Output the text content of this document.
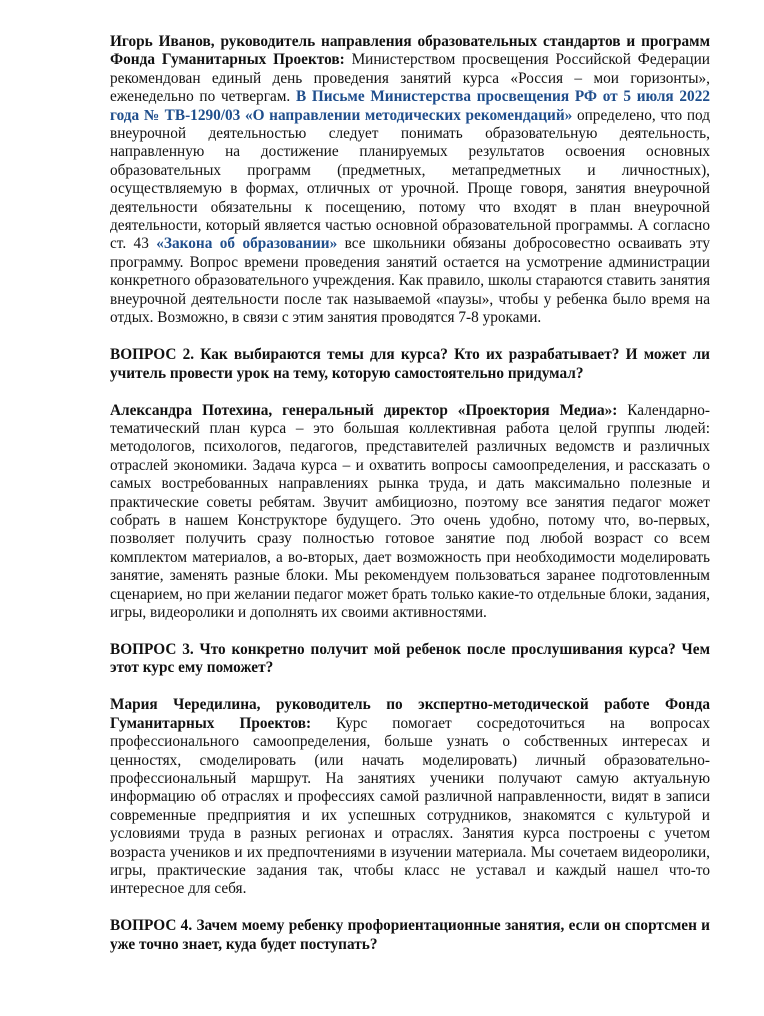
Игорь Иванов, руководитель направления образовательных стандартов и программ Фонда Гуманитарных Проектов: Министерством просвещения Российской Федерации рекомендован единый день проведения занятий курса «Россия – мои горизонты», еженедельно по четвергам. В Письме Министерства просвещения РФ от 5 июля 2022 года № ТВ-1290/03 «О направлении методических рекомендаций» определено, что под внеурочной деятельностью следует понимать образовательную деятельность, направленную на достижение планируемых результатов освоения основных образовательных программ (предметных, метапредметных и личностных), осуществляемую в формах, отличных от урочной. Проще говоря, занятия внеурочной деятельности обязательны к посещению, потому что входят в план внеурочной деятельности, который является частью основной образовательной программы. А согласно ст. 43 «Закона об образовании» все школьники обязаны добросовестно осваивать эту программу. Вопрос времени проведения занятий остается на усмотрение администрации конкретного образовательного учреждения. Как правило, школы стараются ставить занятия внеурочной деятельности после так называемой «паузы», чтобы у ребенка было время на отдых. Возможно, в связи с этим занятия проводятся 7-8 уроками.

ВОПРОС 2. Как выбираются темы для курса? Кто их разрабатывает? И может ли учитель провести урок на тему, которую самостоятельно придумал?

Александра Потехина, генеральный директор «Проектория Медиа»: Календарно-тематический план курса – это большая коллективная работа целой группы людей: методологов, психологов, педагогов, представителей различных ведомств и различных отраслей экономики. Задача курса – и охватить вопросы самоопределения, и рассказать о самых востребованных направлениях рынка труда, и дать максимально полезные и практические советы ребятам. Звучит амбициозно, поэтому все занятия педагог может собрать в нашем Конструкторе будущего. Это очень удобно, потому что, во-первых, позволяет получить сразу полностью готовое занятие под любой возраст со всем комплектом материалов, а во-вторых, дает возможность при необходимости моделировать занятие, заменять разные блоки. Мы рекомендуем пользоваться заранее подготовленным сценарием, но при желании педагог может брать только какие-то отдельные блоки, задания, игры, видеоролики и дополнять их своими активностями.

ВОПРОС 3. Что конкретно получит мой ребенок после прослушивания курса? Чем этот курс ему поможет?

Мария Чередилина, руководитель по экспертно-методической работе Фонда Гуманитарных Проектов: Курс помогает сосредоточиться на вопросах профессионального самоопределения, больше узнать о собственных интересах и ценностях, смоделировать (или начать моделировать) личный образовательно-профессиональный маршрут. На занятиях ученики получают самую актуальную информацию об отраслях и профессиях самой различной направленности, видят в записи современные предприятия и их успешных сотрудников, знакомятся с культурой и условиями труда в разных регионах и отраслях. Занятия курса построены с учетом возраста учеников и их предпочтениями в изучении материала. Мы сочетаем видеоролики, игры, практические задания так, чтобы класс не уставал и каждый нашел что-то интересное для себя.

ВОПРОС 4. Зачем моему ребенку профориентационные занятия, если он спортсмен и уже точно знает, куда будет поступать?
